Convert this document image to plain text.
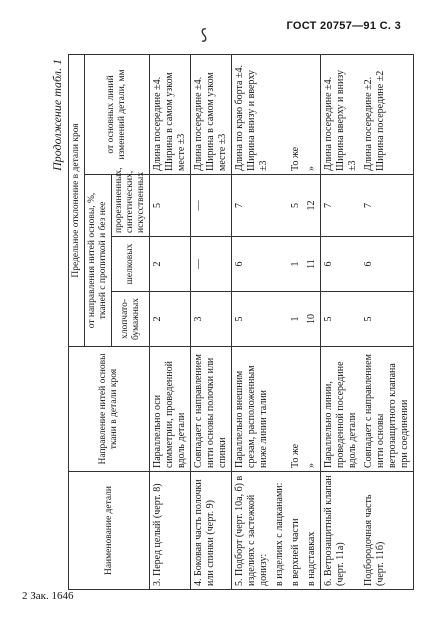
ГОСТ 20757—91 С. 3
2 Зак. 1646
Продолжение табл. 1
Наименование детали	Направление нитей основы ткани в детали кроя	Предельное отклонение в детали кроя			
		от направления нитей основы, %, тканей с пропиткой и без нее			от основных линий изменений детали, мм
		хлопчато-бумажных	шелковых	прорезиненных, синтетических, искусственных	
3. Перед целый (черт. 8)	Параллельно оси симметрии, проведенной вдоль детали	2	2	5	Длина посередине ±4. Ширина в самом узком месте ±3
4. Боковая часть полочки или спинки (черт. 9)	Совпадает с направлением нити основы полочки или спинки	3	—	—	Длина посередине ±4. Ширина в самом узком месте ±3
5. Подборт (черт. 10а, б) в изделиях с застежкой донизу:	Параллельно внешним срезам, расположенным ниже линии талии	5	6	7	Длина по краю борта ±4. Ширина внизу и вверху ±3
в изделиях с лацканами:					
в верхней части	То же	1	1	5	То же
в надставках	»	10	11	12	»
6. Ветрозащитный клапан (черт. 11а)	Параллельно линии, проведенной посередине вдоль детали	5	6	7	Длина посередине ±4. Ширина вверху и внизу ±3
Подбородочная часть (черт. 11б)	Совпадает с направлением нити основы ветрозащитного клапана при соединении	5	6	7	Длина посередине ±2. Ширина посередине ±2
